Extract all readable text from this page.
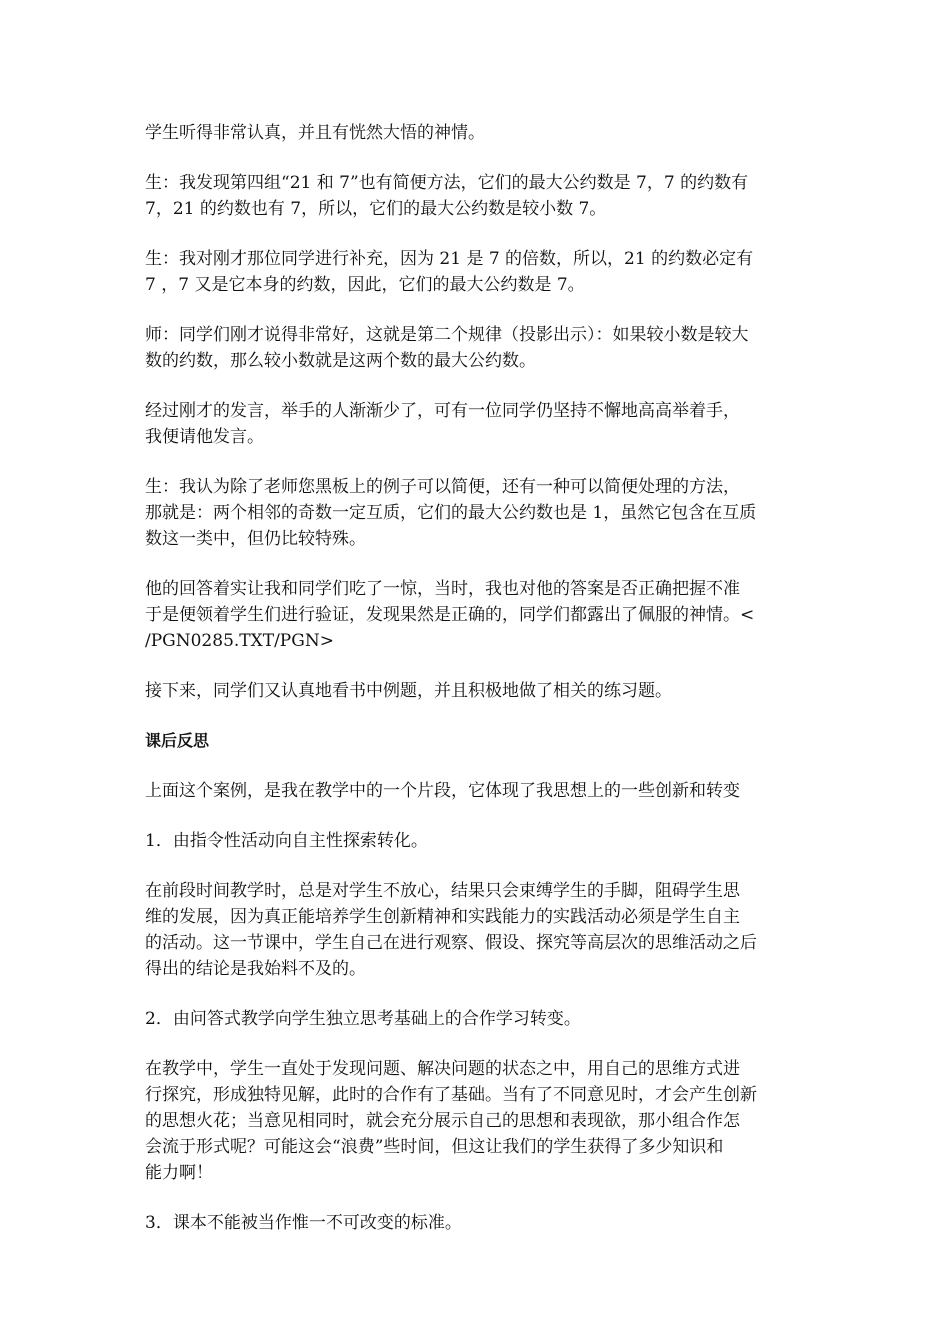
学生听得非常认真，并且有恍然大悟的神情。
生：我发现第四组“21 和 7”也有简便方法，它们的最大公约数是 7，7 的约数有
7，21 的约数也有 7，所以，它们的最大公约数是较小数 7。
生：我对刚才那位同学进行补充，因为 21 是 7 的倍数，所以，21 的约数必定有
7 ，7 又是它本身的约数，因此，它们的最大公约数是 7。
师：同学们刚才说得非常好，这就是第二个规律（投影出示）：如果较小数是较大
数的约数，那么较小数就是这两个数的最大公约数。
经过刚才的发言，举手的人渐渐少了，可有一位同学仍坚持不懈地高高举着手，
我便请他发言。
生：我认为除了老师您黑板上的例子可以简便，还有一种可以简便处理的方法，
那就是：两个相邻的奇数一定互质，它们的最大公约数也是 1，虽然它包含在互质
数这一类中，但仍比较特殊。
他的回答着实让我和同学们吃了一惊，当时，我也对他的答案是否正确把握不准
于是便领着学生们进行验证，发现果然是正确的，同学们都露出了佩服的神情。<
/PGN0285.TXT/PGN>
接下来，同学们又认真地看书中例题，并且积极地做了相关的练习题。
课后反思
上面这个案例，是我在教学中的一个片段，它体现了我思想上的一些创新和转变
1．由指令性活动向自主性探索转化。
在前段时间教学时，总是对学生不放心，结果只会束缚学生的手脚，阻碍学生思
维的发展，因为真正能培养学生创新精神和实践能力的实践活动必须是学生自主
的活动。这一节课中，学生自己在进行观察、假设、探究等高层次的思维活动之后
得出的结论是我始料不及的。
2．由问答式教学向学生独立思考基础上的合作学习转变。
在教学中，学生一直处于发现问题、解决问题的状态之中，用自己的思维方式进
行探究，形成独特见解，此时的合作有了基础。当有了不同意见时，才会产生创新
的思想火花；当意见相同时，就会充分展示自己的思想和表现欲，那小组合作怎
会流于形式呢？可能这会“浪费”些时间，但这让我们的学生获得了多少知识和
能力啊！
3．课本不能被当作惟一不可改变的标准。
